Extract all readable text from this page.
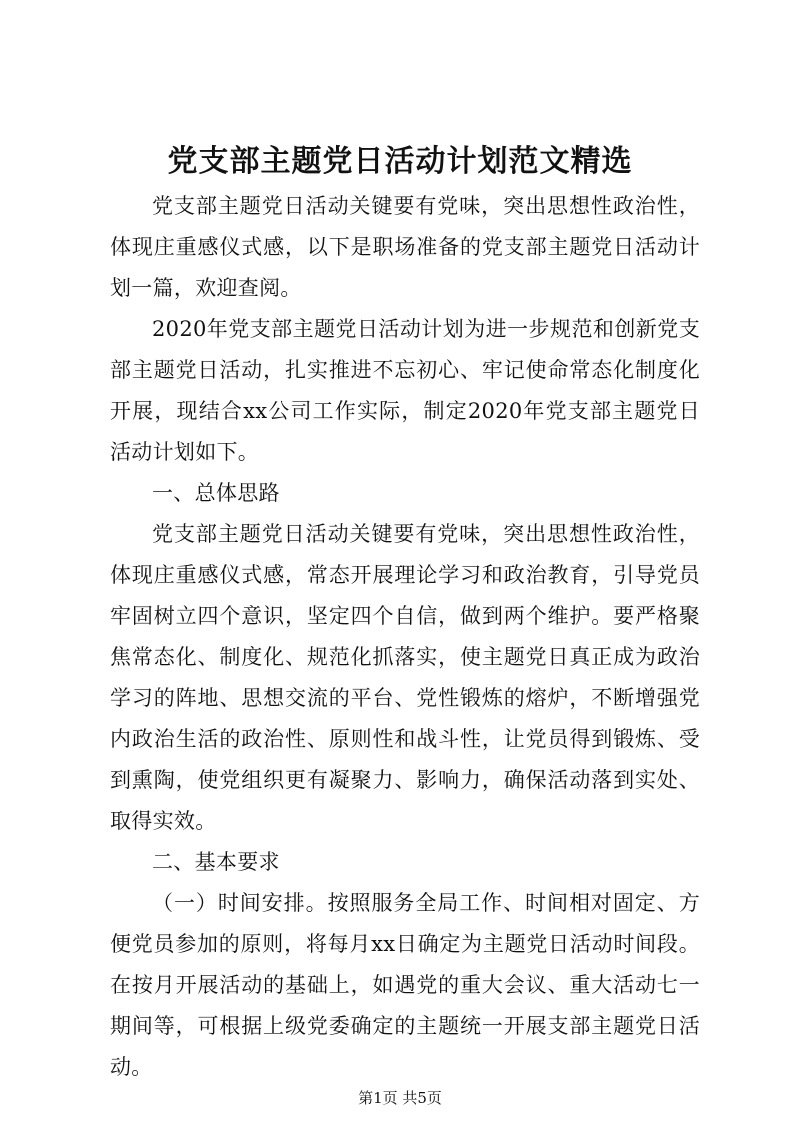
党支部主题党日活动计划范文精选

党支部主题党日活动关键要有党味，突出思想性政治性，体现庄重感仪式感，以下是职场准备的党支部主题党日活动计划一篇，欢迎查阅。

2020年党支部主题党日活动计划为进一步规范和创新党支部主题党日活动，扎实推进不忘初心、牢记使命常态化制度化开展，现结合xx公司工作实际，制定2020年党支部主题党日活动计划如下。

一、总体思路

党支部主题党日活动关键要有党味，突出思想性政治性，体现庄重感仪式感，常态开展理论学习和政治教育，引导党员牢固树立四个意识，坚定四个自信，做到两个维护。要严格聚焦常态化、制度化、规范化抓落实，使主题党日真正成为政治学习的阵地、思想交流的平台、党性锻炼的熔炉，不断增强党内政治生活的政治性、原则性和战斗性，让党员得到锻炼、受到熏陶，使党组织更有凝聚力、影响力，确保活动落到实处、取得实效。

二、基本要求

（一）时间安排。按照服务全局工作、时间相对固定、方便党员参加的原则，将每月xx日确定为主题党日活动时间段。在按月开展活动的基础上，如遇党的重大会议、重大活动七一期间等，可根据上级党委确定的主题统一开展支部主题党日活动。

第1页 共5页
